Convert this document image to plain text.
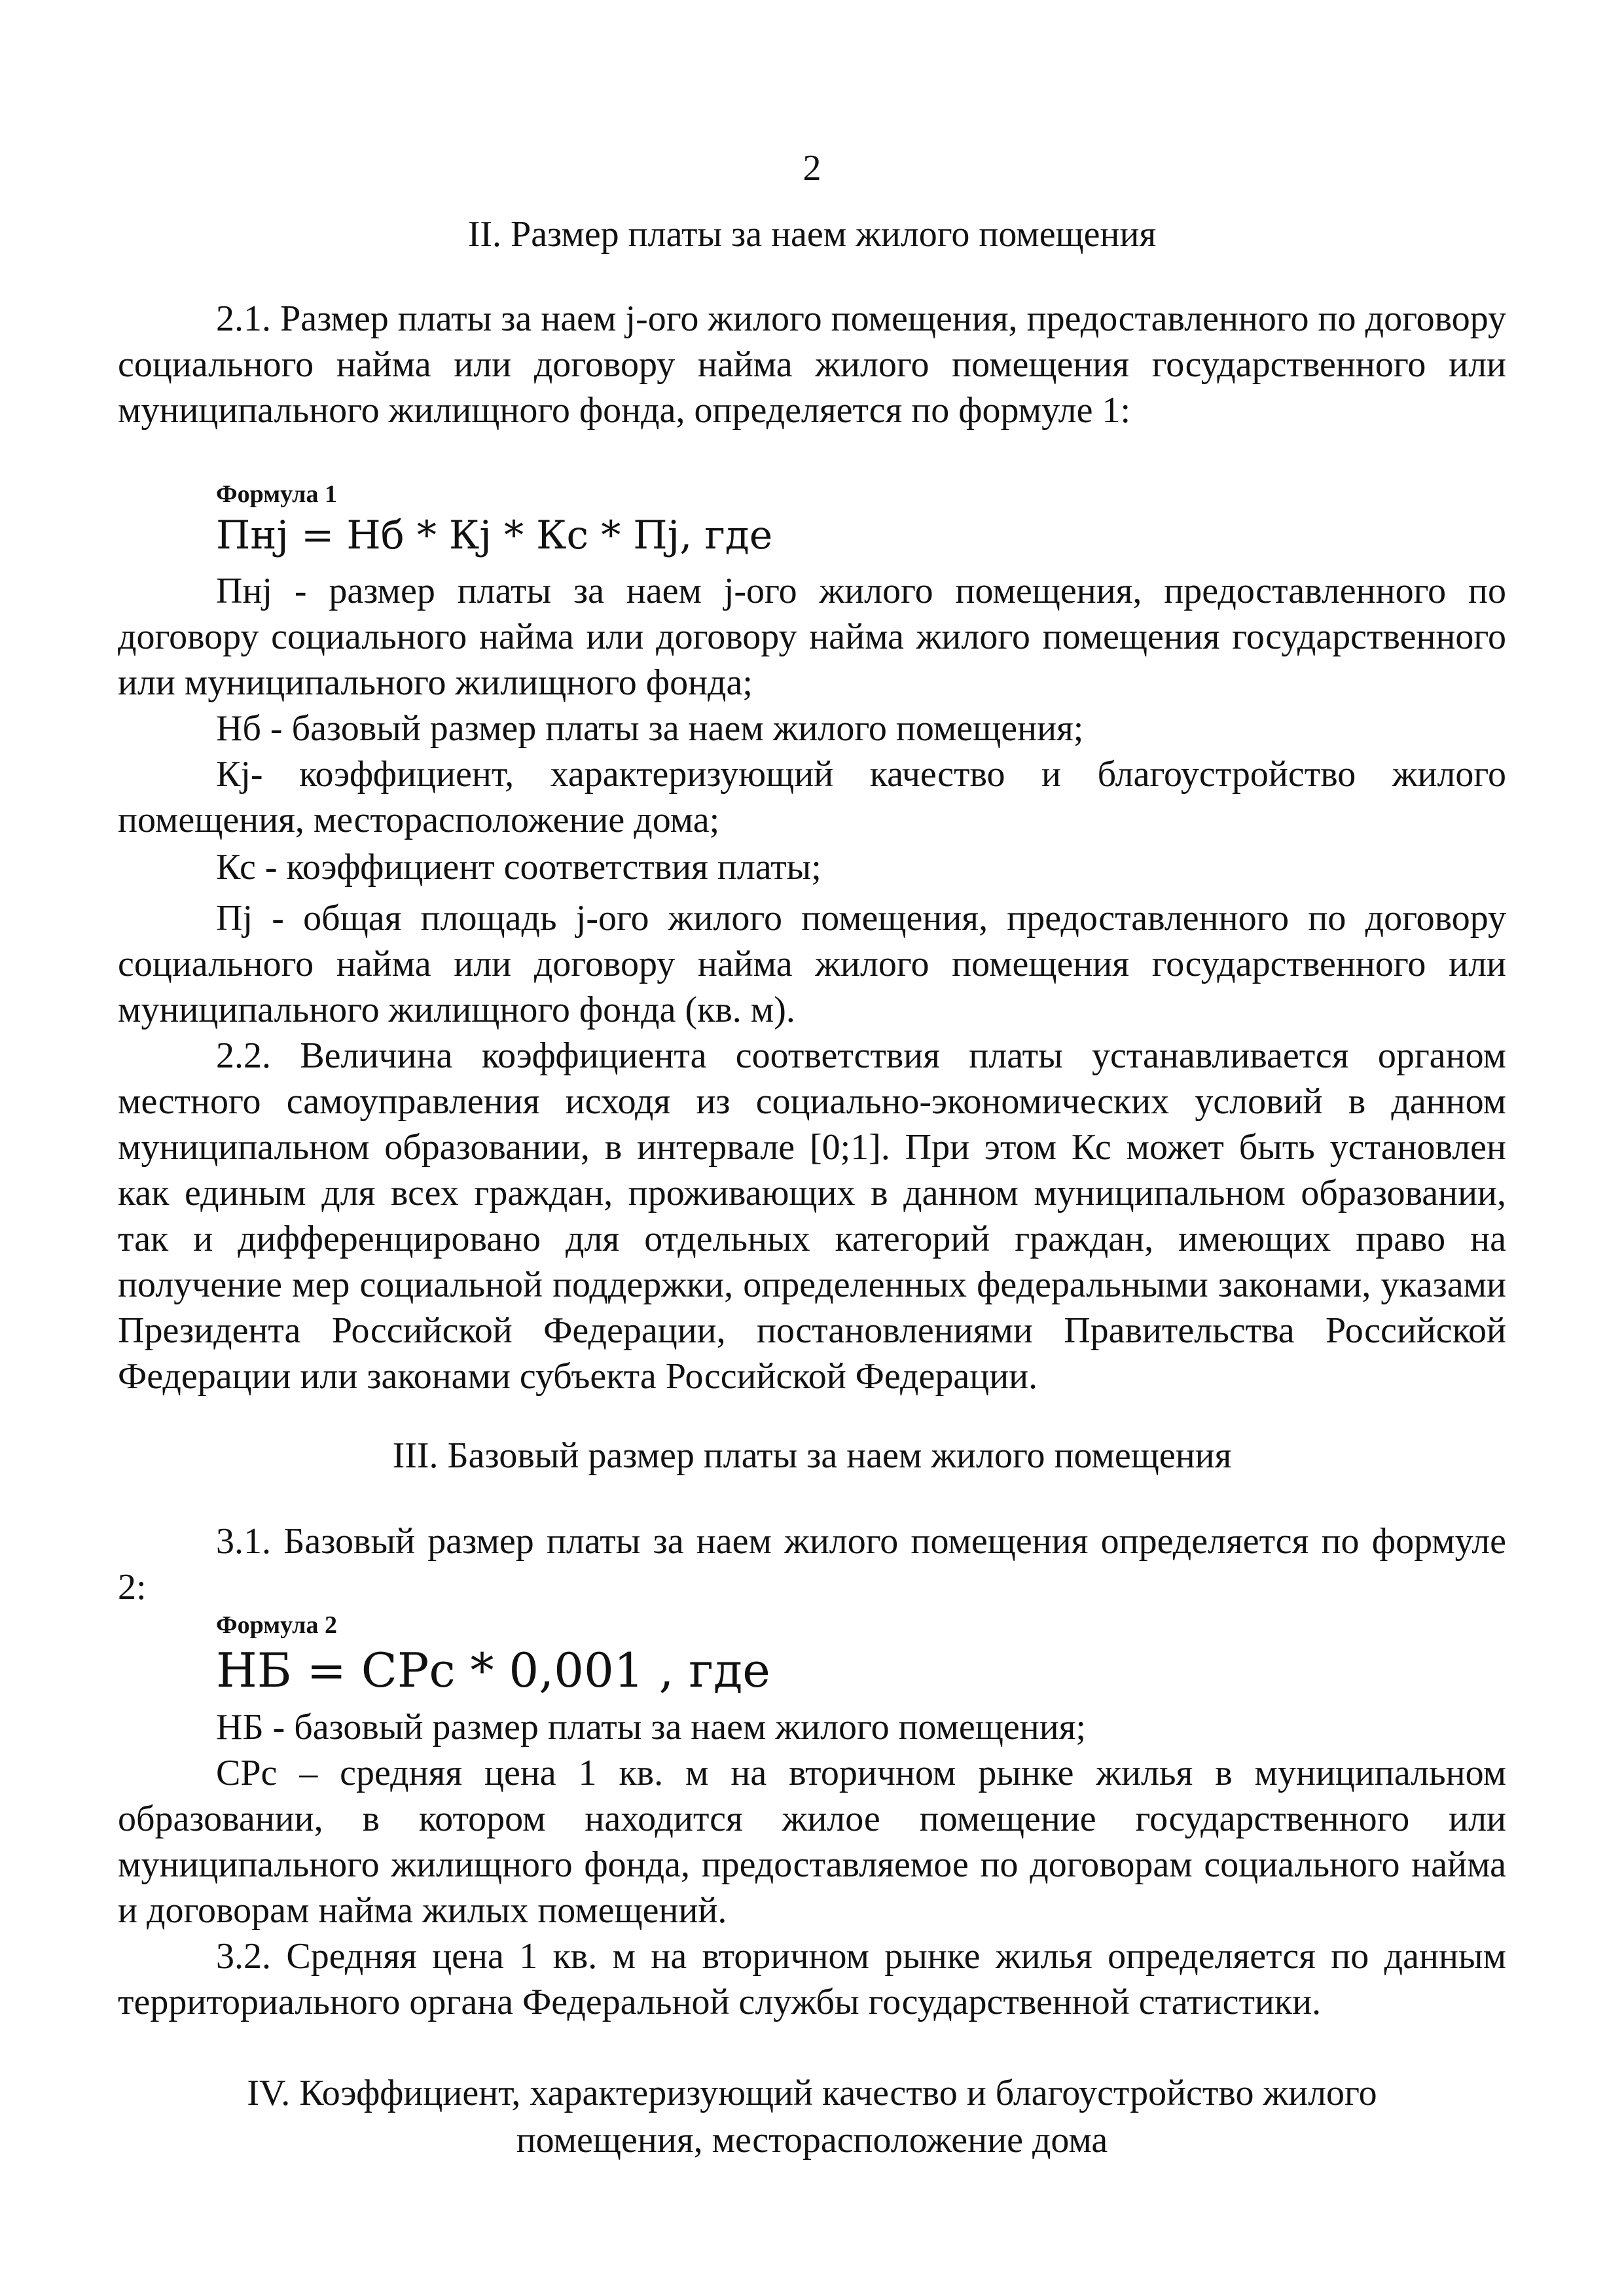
2
II. Размер платы за наем жилого помещения
2.1. Размер платы за наем j-ого жилого помещения, предоставленного по договору социального найма или договору найма жилого помещения государственного или муниципального жилищного фонда, определяется по формуле 1:
Формула 1
Пнj = Нб * Кj * Кс * Пj, где
Пнj - размер платы за наем j-ого жилого помещения, предоставленного по договору социального найма или договору найма жилого помещения государственного или муниципального жилищного фонда;
Нб - базовый размер платы за наем жилого помещения;
Кj- коэффициент, характеризующий качество и благоустройство жилого помещения, месторасположение дома;
Кс - коэффициент соответствия платы;
Пj - общая площадь j-ого жилого помещения, предоставленного по договору социального найма или договору найма жилого помещения государственного или муниципального жилищного фонда (кв. м).
2.2. Величина коэффициента соответствия платы устанавливается органом местного самоуправления исходя из социально-экономических условий в данном муниципальном образовании, в интервале [0;1]. При этом Кс может быть установлен как единым для всех граждан, проживающих в данном муниципальном образовании, так и дифференцировано для отдельных категорий граждан, имеющих право на получение мер социальной поддержки, определенных федеральными законами, указами Президента Российской Федерации, постановлениями Правительства Российской Федерации или законами субъекта Российской Федерации.
III. Базовый размер платы за наем жилого помещения
3.1. Базовый размер платы за наем жилого помещения определяется по формуле 2:
Формула 2
НБ = СРс * 0,001 , где
НБ - базовый размер платы за наем жилого помещения;
СРс – средняя цена 1 кв. м на вторичном рынке жилья в муниципальном образовании, в котором находится жилое помещение государственного или муниципального жилищного фонда, предоставляемое по договорам социального найма и договорам найма жилых помещений.
3.2. Средняя цена 1 кв. м на вторичном рынке жилья определяется по данным территориального органа Федеральной службы государственной статистики.
IV. Коэффициент, характеризующий качество и благоустройство жилого
помещения, месторасположение дома
